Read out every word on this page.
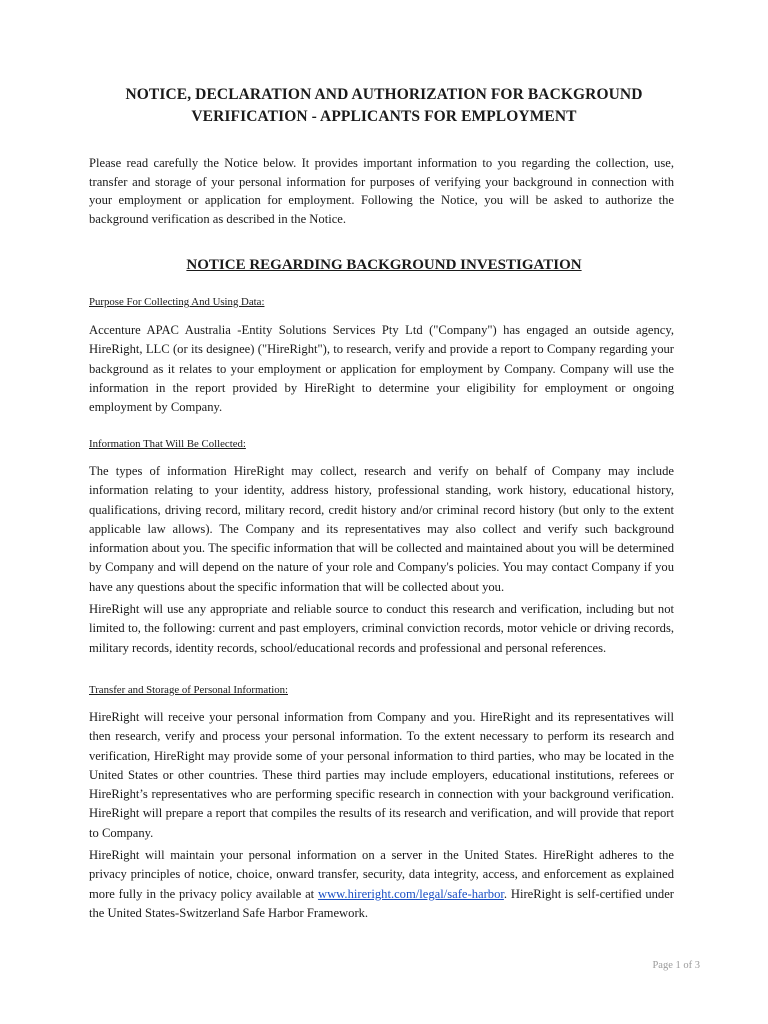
NOTICE, DECLARATION AND AUTHORIZATION FOR BACKGROUND
VERIFICATION - APPLICANTS FOR EMPLOYMENT

Please read carefully the Notice below. It provides important information to you regarding the collection, use, transfer and storage of your personal information for purposes of verifying your background in connection with your employment or application for employment. Following the Notice, you will be asked to authorize the background verification as described in the Notice.

NOTICE REGARDING BACKGROUND INVESTIGATION

Purpose For Collecting And Using Data:

Accenture APAC Australia -Entity Solutions Services Pty Ltd ("Company") has engaged an outside agency, HireRight, LLC (or its designee) ("HireRight"), to research, verify and provide a report to Company regarding your background as it relates to your employment or application for employment by Company. Company will use the information in the report provided by HireRight to determine your eligibility for employment or ongoing employment by Company.

Information That Will Be Collected:

The types of information HireRight may collect, research and verify on behalf of Company may include information relating to your identity, address history, professional standing, work history, educational history, qualifications, driving record, military record, credit history and/or criminal record history (but only to the extent applicable law allows). The Company and its representatives may also collect and verify such background information about you. The specific information that will be collected and maintained about you will be determined by Company and will depend on the nature of your role and Company's policies. You may contact Company if you have any questions about the specific information that will be collected about you.

HireRight will use any appropriate and reliable source to conduct this research and verification, including but not limited to, the following: current and past employers, criminal conviction records, motor vehicle or driving records, military records, identity records, school/educational records and professional and personal references.

Transfer and Storage of Personal Information:

HireRight will receive your personal information from Company and you. HireRight and its representatives will then research, verify and process your personal information. To the extent necessary to perform its research and verification, HireRight may provide some of your personal information to third parties, who may be located in the United States or other countries. These third parties may include employers, educational institutions, referees or HireRight’s representatives who are performing specific research in connection with your background verification. HireRight will prepare a report that compiles the results of its research and verification, and will provide that report to Company.

HireRight will maintain your personal information on a server in the United States. HireRight adheres to the privacy principles of notice, choice, onward transfer, security, data integrity, access, and enforcement as explained more fully in the privacy policy available at www.hireright.com/legal/safe-harbor. HireRight is self-certified under the United States-Switzerland Safe Harbor Framework.

Page 1 of 3
